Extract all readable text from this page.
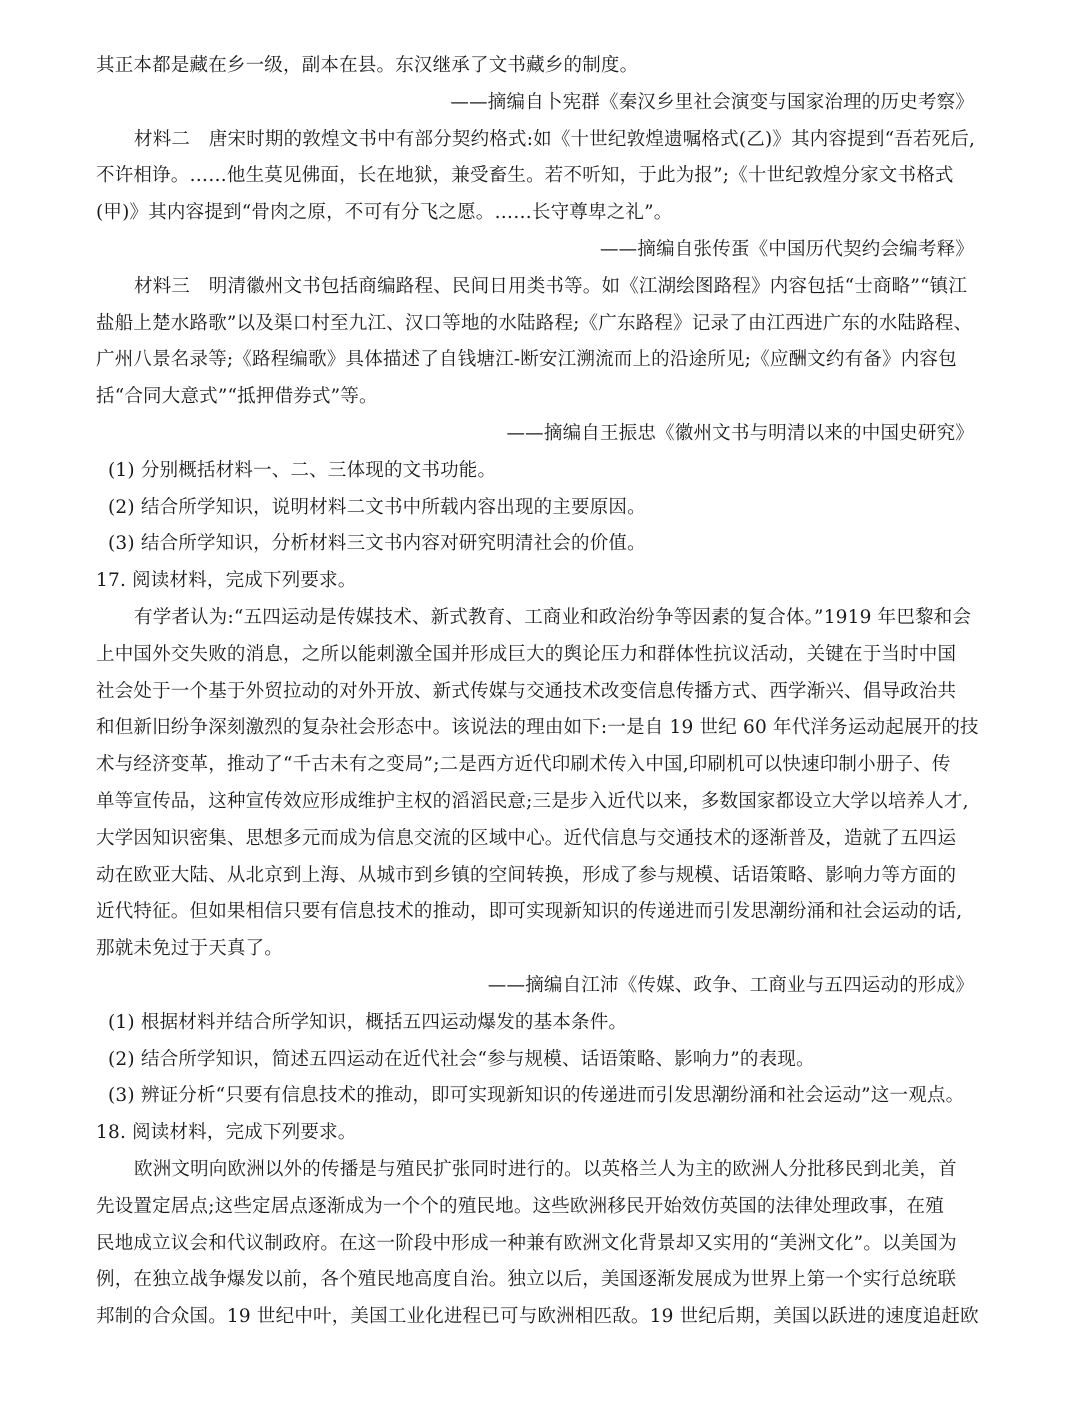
其正本都是藏在乡一级，副本在县。东汉继承了文书藏乡的制度。
——摘编自卜宪群《秦汉乡里社会演变与国家治理的历史考察》
材料二　唐宋时期的敦煌文书中有部分契约格式:如《十世纪敦煌遗嘱格式(乙)》其内容提到“吾若死后,
不许相诤。……他生莫见佛面，长在地狱，兼受畜生。若不听知，于此为报”;《十世纪敦煌分家文书格式
(甲)》其内容提到“骨肉之原，不可有分飞之愿。……长守尊卑之礼”。
——摘编自张传蛋《中国历代契约会编考释》
材料三　明清徽州文书包括商编路程、民间日用类书等。如《江湖绘图路程》内容包括“士商略”“镇江
盐船上楚水路歌”以及渠口村至九江、汉口等地的水陆路程;《广东路程》记录了由江西进广东的水陆路程、
广州八景名录等;《路程编歌》具体描述了自钱塘江-断安江溯流而上的沿途所见;《应酬文约有备》内容包
括“合同大意式”“抵押借券式”等。
——摘编自王振忠《徽州文书与明清以来的中国史研究》
(1) 分别概括材料一、二、三体现的文书功能。
(2) 结合所学知识，说明材料二文书中所载内容出现的主要原因。
(3) 结合所学知识，分析材料三文书内容对研究明清社会的价值。
17. 阅读材料，完成下列要求。
有学者认为:“五四运动是传媒技术、新式教育、工商业和政治纷争等因素的复合体。”1919 年巴黎和会
上中国外交失败的消息，之所以能刺激全国并形成巨大的舆论压力和群体性抗议活动，关键在于当时中国
社会处于一个基于外贸拉动的对外开放、新式传媒与交通技术改变信息传播方式、西学渐兴、倡导政治共
和但新旧纷争深刻激烈的复杂社会形态中。该说法的理由如下:一是自 19 世纪 60 年代洋务运动起展开的技
术与经济变革，推动了“千古未有之变局”;二是西方近代印刷术传入中国,印刷机可以快速印制小册子、传
单等宣传品，这种宣传效应形成维护主权的滔滔民意;三是步入近代以来，多数国家都设立大学以培养人才,
大学因知识密集、思想多元而成为信息交流的区域中心。近代信息与交通技术的逐渐普及，造就了五四运
动在欧亚大陆、从北京到上海、从城市到乡镇的空间转换，形成了参与规模、话语策略、影响力等方面的
近代特征。但如果相信只要有信息技术的推动，即可实现新知识的传递进而引发思潮纷涌和社会运动的话,
那就未免过于天真了。
——摘编自江沛《传媒、政争、工商业与五四运动的形成》
(1) 根据材料并结合所学知识，概括五四运动爆发的基本条件。
(2) 结合所学知识，简述五四运动在近代社会“参与规模、话语策略、影响力”的表现。
(3) 辨证分析“只要有信息技术的推动，即可实现新知识的传递进而引发思潮纷涌和社会运动”这一观点。
18. 阅读材料，完成下列要求。
欧洲文明向欧洲以外的传播是与殖民扩张同时进行的。以英格兰人为主的欧洲人分批移民到北美，首
先设置定居点;这些定居点逐渐成为一个个的殖民地。这些欧洲移民开始效仿英国的法律处理政事，在殖
民地成立议会和代议制政府。在这一阶段中形成一种兼有欧洲文化背景却又实用的“美洲文化”。以美国为
例，在独立战争爆发以前，各个殖民地高度自治。独立以后，美国逐渐发展成为世界上第一个实行总统联
邦制的合众国。19 世纪中叶，美国工业化进程已可与欧洲相匹敌。19 世纪后期，美国以跃进的速度追赶欧
